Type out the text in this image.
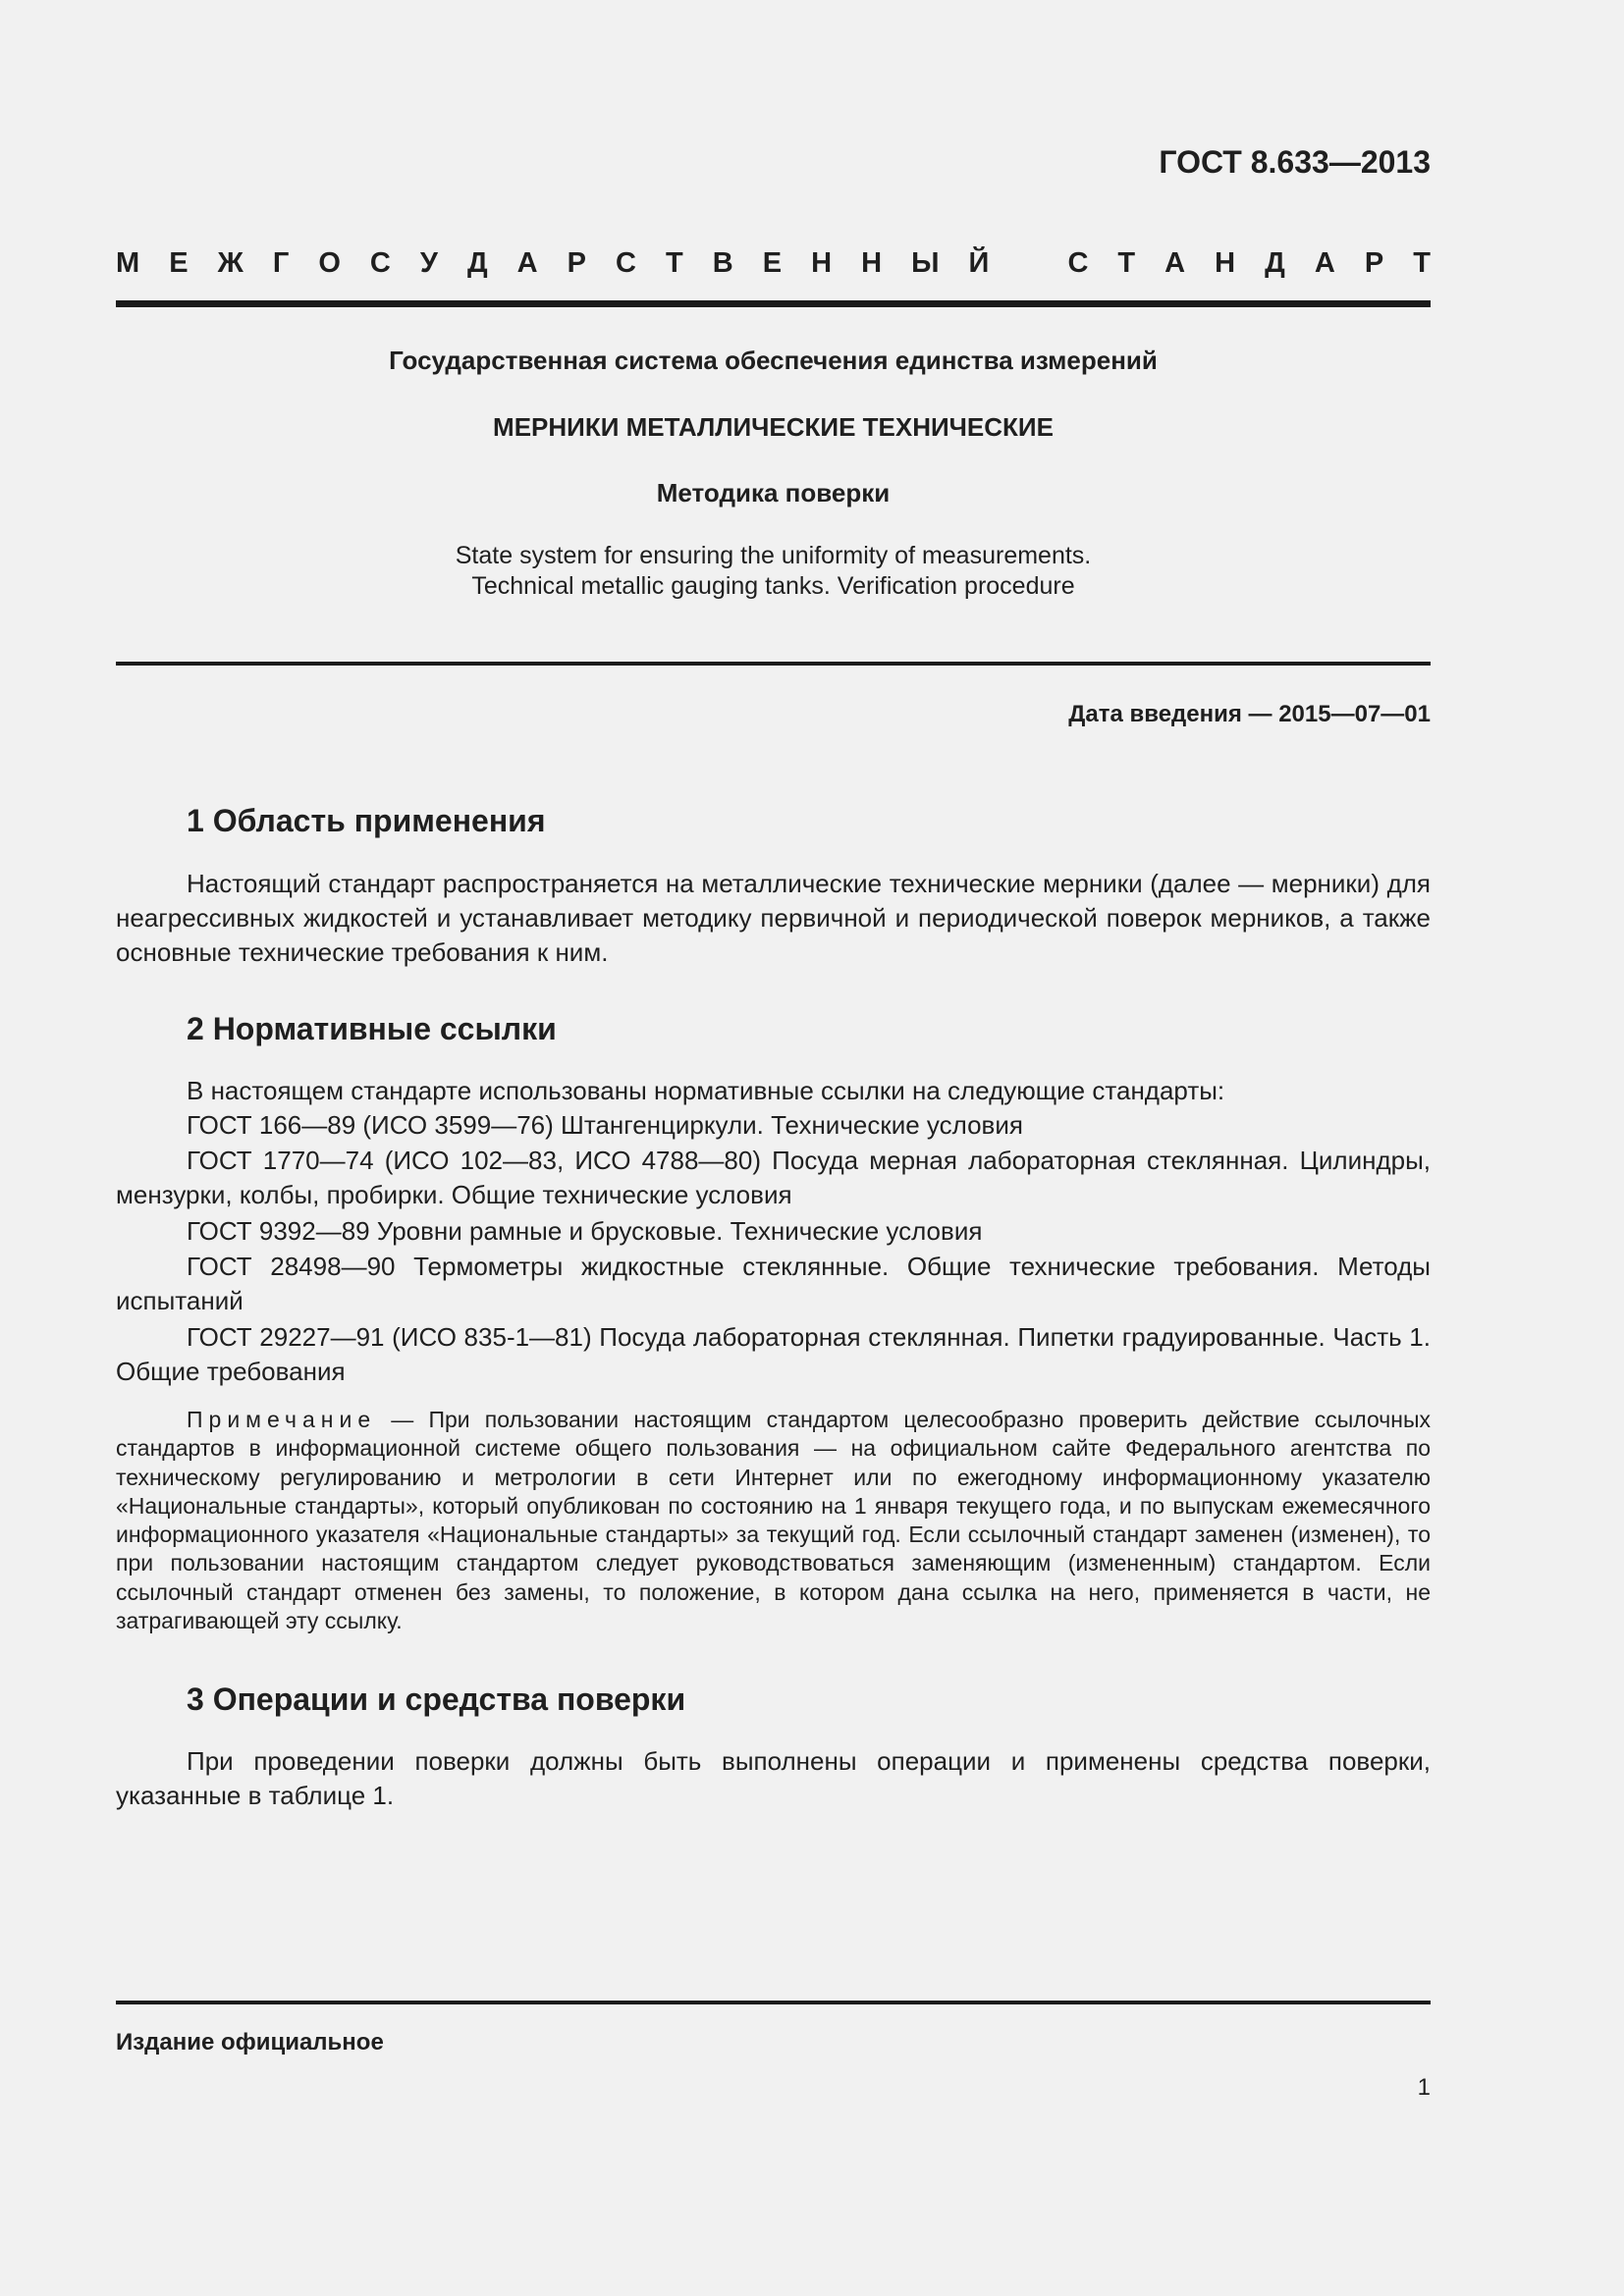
ГОСТ 8.633—2013
М Е Ж Г О С У Д А Р С Т В Е Н Н Ы Й	С Т А Н Д А Р Т
Государственная система обеспечения единства измерений
МЕРНИКИ МЕТАЛЛИЧЕСКИЕ ТЕХНИЧЕСКИЕ
Методика поверки
State system for ensuring the uniformity of measurements.
Technical metallic gauging tanks. Verification procedure
Дата введения — 2015—07—01
1 Область применения
Настоящий стандарт распространяется на металлические технические мерники (далее — мерники) для неагрессивных жидкостей и устанавливает методику первичной и периодической поверок мерников, а также основные технические требования к ним.
2 Нормативные ссылки
В настоящем стандарте использованы нормативные ссылки на следующие стандарты:
ГОСТ 166—89 (ИСО 3599—76) Штангенциркули. Технические условия
ГОСТ 1770—74 (ИСО 102—83, ИСО 4788—80) Посуда мерная лабораторная стеклянная. Цилиндры, мензурки, колбы, пробирки. Общие технические условия
ГОСТ 9392—89 Уровни рамные и брусковые. Технические условия
ГОСТ 28498—90 Термометры жидкостные стеклянные. Общие технические требования. Методы испытаний
ГОСТ 29227—91 (ИСО 835-1—81) Посуда лабораторная стеклянная. Пипетки градуированные. Часть 1. Общие требования
Примечание — При пользовании настоящим стандартом целесообразно проверить действие ссылочных стандартов в информационной системе общего пользования — на официальном сайте Федерального агентства по техническому регулированию и метрологии в сети Интернет или по ежегодному информационному указателю «Национальные стандарты», который опубликован по состоянию на 1 января текущего года, и по выпускам ежемесячного информационного указателя «Национальные стандарты» за текущий год. Если ссылочный стандарт заменен (изменен), то при пользовании настоящим стандартом следует руководствоваться заменяющим (измененным) стандартом. Если ссылочный стандарт отменен без замены, то положение, в котором дана ссылка на него, применяется в части, не затрагивающей эту ссылку.
3 Операции и средства поверки
При проведении поверки должны быть выполнены операции и применены средства поверки, указанные в таблице 1.
Издание официальное
1
